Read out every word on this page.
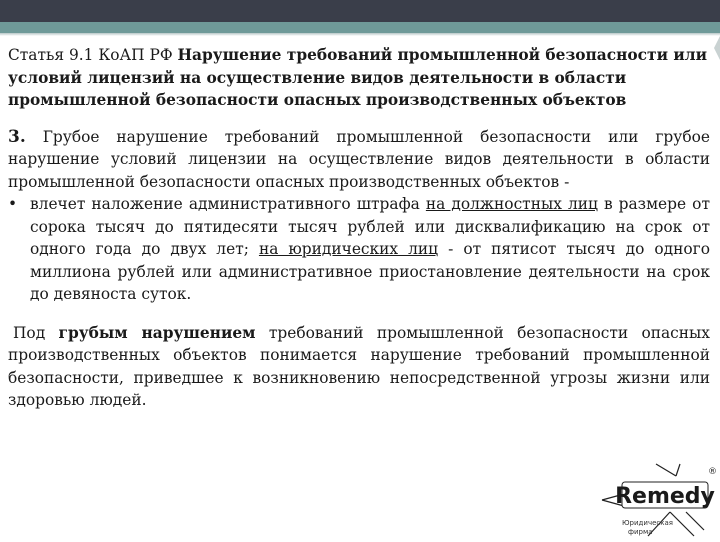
Статья 9.1 КоАП РФ Нарушение требований промышленной безопасности или условий лицензий на осуществление видов деятельности в области промышленной безопасности опасных производственных объектов

3. Грубое нарушение требований промышленной безопасности или грубое нарушение условий лицензии на осуществление видов деятельности в области промышленной безопасности опасных производственных объектов -

• влечет наложение административного штрафа на должностных лиц в размере от сорока тысяч до пятидесяти тысяч рублей или дисквалификацию на срок от одного года до двух лет; на юридических лиц - от пятисот тысяч до одного миллиона рублей или административное приостановление деятельности на срок до девяноста суток.

Под грубым нарушением требований промышленной безопасности опасных производственных объектов понимается нарушение требований промышленной безопасности, приведшее к возникновению непосредственной угрозы жизни или здоровью людей.

Remedy
®
Юридическая
фирма
